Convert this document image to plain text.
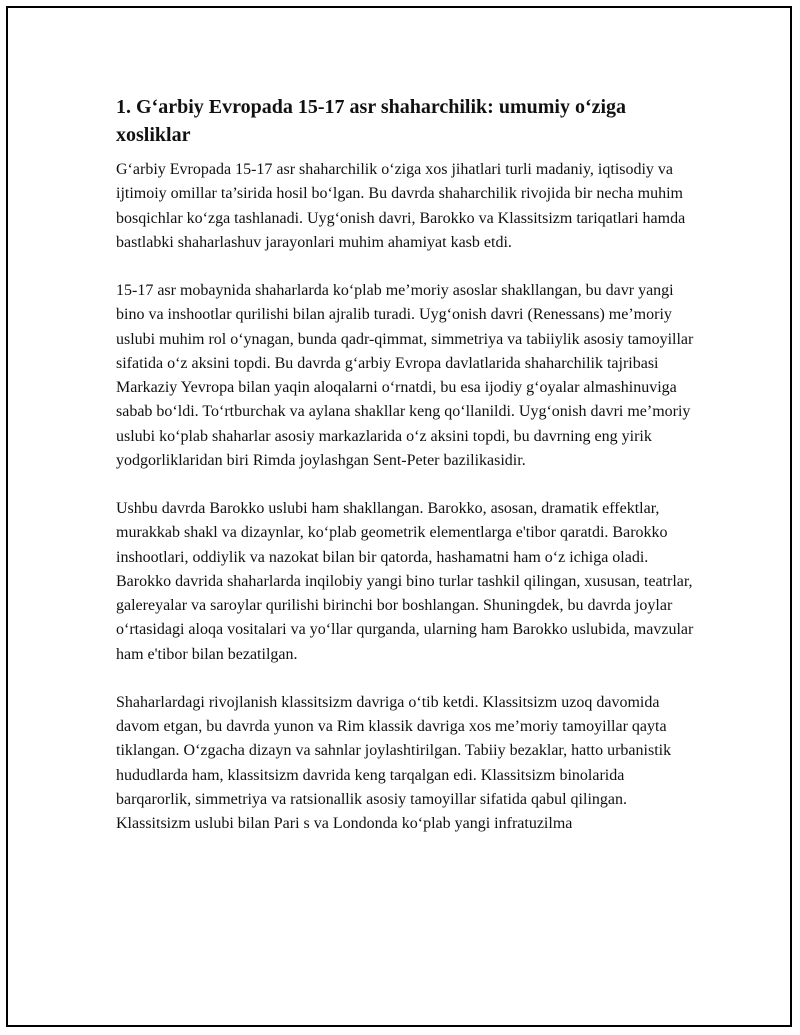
1. G‘arbiy Evropada 15-17 asr shaharchilik: umumiy o‘ziga xosliklar

G‘arbiy Evropada 15-17 asr shaharchilik o‘ziga xos jihatlari turli madaniy, iqtisodiy va ijtimoiy omillar ta’sirida hosil bo‘lgan. Bu davrda shaharchilik rivojida bir necha muhim bosqichlar ko‘zga tashlanadi. Uyg‘onish davri, Barokko va Klassitsizm tariqatlari hamda bastlabki shaharlashuv jarayonlari muhim ahamiyat kasb etdi.

15-17 asr mobaynida shaharlarda ko‘plab me’moriy asoslar shakllangan, bu davr yangi bino va inshootlar qurilishi bilan ajralib turadi. Uyg‘onish davri (Renessans) me’moriy uslubi muhim rol o‘ynagan, bunda qadr-qimmat, simmetriya va tabiiylik asosiy tamoyillar sifatida o‘z aksini topdi. Bu davrda g‘arbiy Evropa davlatlarida shaharchilik tajribasi Markaziy Yevropa bilan yaqin aloqalarni o‘rnatdi, bu esa ijodiy g‘oyalar almashinuviga sabab bo‘ldi. To‘rtburchak va aylana shakllar keng qo‘llanildi. Uyg‘onish davri me’moriy uslubi ko‘plab shaharlar asosiy markazlarida o‘z aksini topdi, bu davrning eng yirik yodgorliklaridan biri Rimda joylashgan Sent-Peter bazilikasidir.

Ushbu davrda Barokko uslubi ham shakllangan. Barokko, asosan, dramatik effektlar, murakkab shakl va dizaynlar, ko‘plab geometrik elementlarga e'tibor qaratdi. Barokko inshootlari, oddiylik va nazokat bilan bir qatorda, hashamatni ham o‘z ichiga oladi. Barokko davrida shaharlarda inqilobiy yangi bino turlar tashkil qilingan, xususan, teatrlar, galereyalar va saroylar qurilishi birinchi bor boshlangan. Shuningdek, bu davrda joylar o‘rtasidagi aloqa vositalari va yo‘llar qurganda, ularning ham Barokko uslubida, mavzular ham e'tibor bilan bezatilgan.

Shaharlardagi rivojlanish klassitsizm davriga o‘tib ketdi. Klassitsizm uzoq davomida davom etgan, bu davrda yunon va Rim klassik davriga xos me’moriy tamoyillar qayta tiklangan. O‘zgacha dizayn va sahnlar joylashtirilgan. Tabiiy bezaklar, hatto urbanistik hududlarda ham, klassitsizm davrida keng tarqalgan edi. Klassitsizm binolarida barqarorlik, simmetriya va ratsionallik asosiy tamoyillar sifatida qabul qilingan. Klassitsizm uslubi bilan Pari s va Londonda ko‘plab yangi infratuzilma
